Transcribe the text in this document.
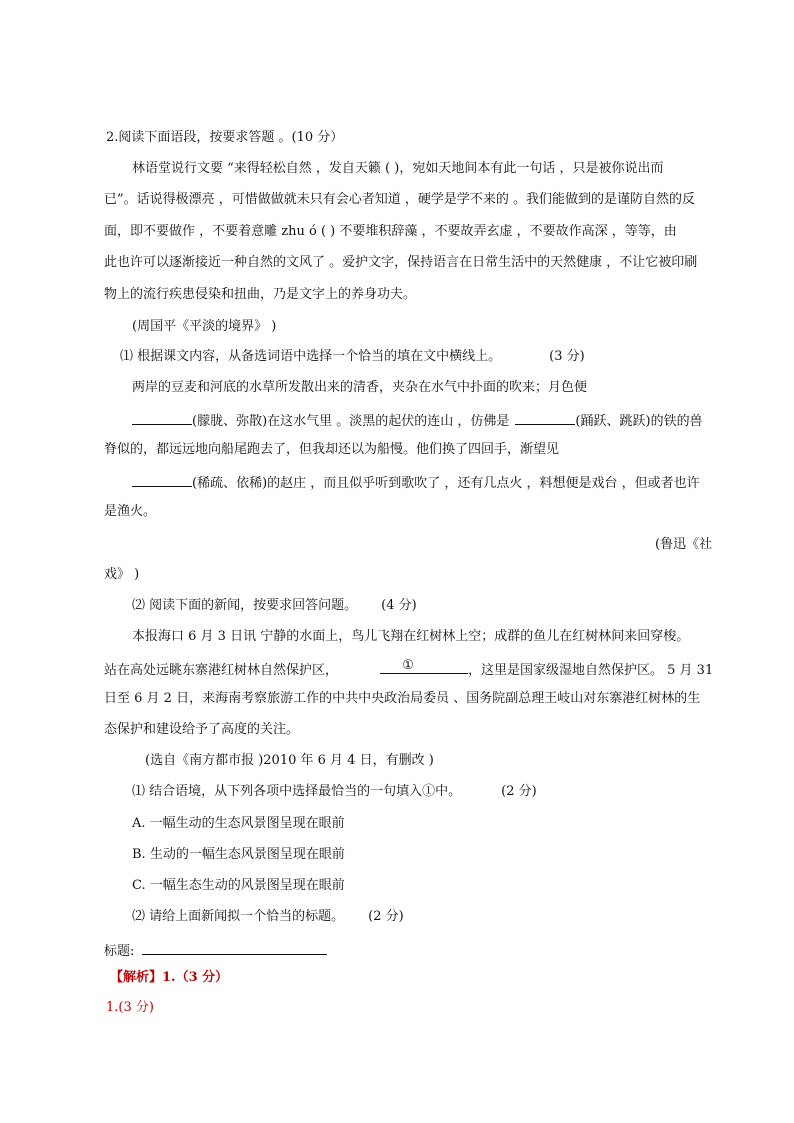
2.阅读下面语段，按要求答题 。(10 分）
林语堂说行文要 “来得轻松自然 ，发自天籁 ( )，宛如天地间本有此一句话 ，只是被你说出而
已”。话说得极漂亮 ，可惜做做就未只有会心者知道 ，硬学是学不来的 。我们能做到的是谨防自然的反
面，即不要做作 ，不要着意雕 zhu ó ( ) 不要堆积辞藻 ，不要故弄玄虚 ，不要故作高深 ，等等，由
此也许可以逐渐接近一种自然的文风了 。爱护文字，保持语言在日常生活中的天然健康 ，不让它被印刷
物上的流行疾患侵染和扭曲，乃是文字上的养身功夫。
(周国平《平淡的境界》 )
⑴ 根据课文内容，从备选词语中选择一个恰当的填在文中横线上。	(3 分)
两岸的豆麦和河底的水草所发散出来的清香，夹杂在水气中扑面的吹来；月色便
(朦胧、弥散)在这水气里 。淡黑的起伏的连山 ，仿佛是	(踊跃、跳跃)的铁的兽
脊似的，都远远地向船尾跑去了，但我却还以为船慢。他们换了四回手，渐望见
(稀疏、依稀)的赵庄 ，而且似乎听到歌吹了 ，还有几点火 ，料想便是戏台 ，但或者也许
是渔火。
(鲁迅《社
戏》 )
⑵ 阅读下面的新闻，按要求回答问题。 (4 分)
本报海口 6 月 3 日讯 宁静的水面上，鸟儿飞翔在红树林上空；成群的鱼儿在红树林间来回穿梭。
站在高处远眺东寨港红树林自然保护区，	①	，这里是国家级湿地自然保护区。 5 月 31
日至 6 月 2 日，来海南考察旅游工作的中共中央政治局委员 、国务院副总理王岐山对东寨港红树林的生
态保护和建设给予了高度的关注。
(选自《南方都市报 )2010 年 6 月 4 日，有删改 )
⑴ 结合语境，从下列各项中选择最恰当的一句填入①中。	(2 分)
A. 一幅生动的生态风景图呈现在眼前
B. 生动的一幅生态风景图呈现在眼前
C. 一幅生态生动的风景图呈现在眼前
⑵ 请给上面新闻拟一个恰当的标题。 (2 分)
标题:
【解析】1.（3 分）
1.(3 分)
